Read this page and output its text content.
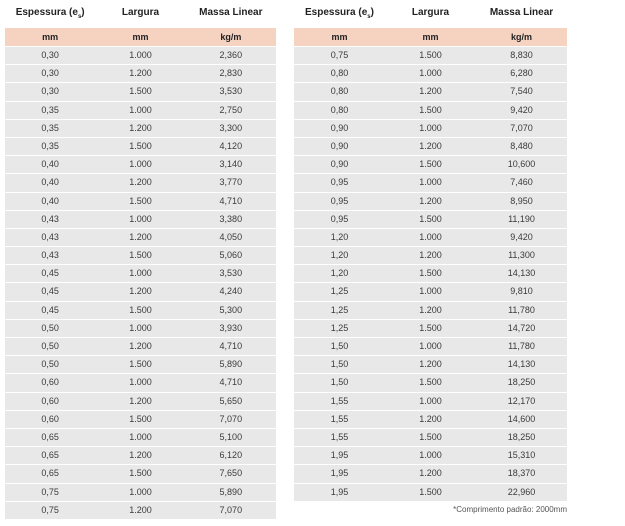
Espessura $(e_s)$	Largura	Massa Linear
mm	mm	kg/m
0,30	1.000	2,360
0,30	1.200	2,830
0,30	1.500	3,530
0,35	1.000	2,750
0,35	1.200	3,300
0,35	1.500	4,120
0,40	1.000	3,140
0,40	1.200	3,770
0,40	1.500	4,710
0,43	1.000	3,380
0,43	1.200	4,050
0,43	1.500	5,060
0,45	1.000	3,530
0,45	1.200	4,240
0,45	1.500	5,300
0,50	1.000	3,930
0,50	1.200	4,710
0,50	1.500	5,890
0,60	1.000	4,710
0,60	1.200	5,650
0,60	1.500	7,070
0,65	1.000	5,100
0,65	1.200	6,120
0,65	1.500	7,650
0,75	1.000	5,890
0,75	1.200	7,070
Espessura $(e_s)$	Largura	Massa Linear
mm	mm	kg/m
0,75	1.500	8,830
0,80	1.000	6,280
0,80	1.200	7,540
0,80	1.500	9,420
0,90	1.000	7,070
0,90	1.200	8,480
0,90	1.500	10,600
0,95	1.000	7,460
0,95	1.200	8,950
0,95	1.500	11,190
1,20	1.000	9,420
1,20	1.200	11,300
1,20	1.500	14,130
1,25	1.000	9,810
1,25	1.200	11,780
1,25	1.500	14,720
1,50	1.000	11,780
1,50	1.200	14,130
1,50	1.500	18,250
1,55	1.000	12,170
1,55	1.200	14,600
1,55	1.500	18,250
1,95	1.000	15,310
1,95	1.200	18,370
1,95	1.500	22,960
*Comprimento padrão: 2000mm
